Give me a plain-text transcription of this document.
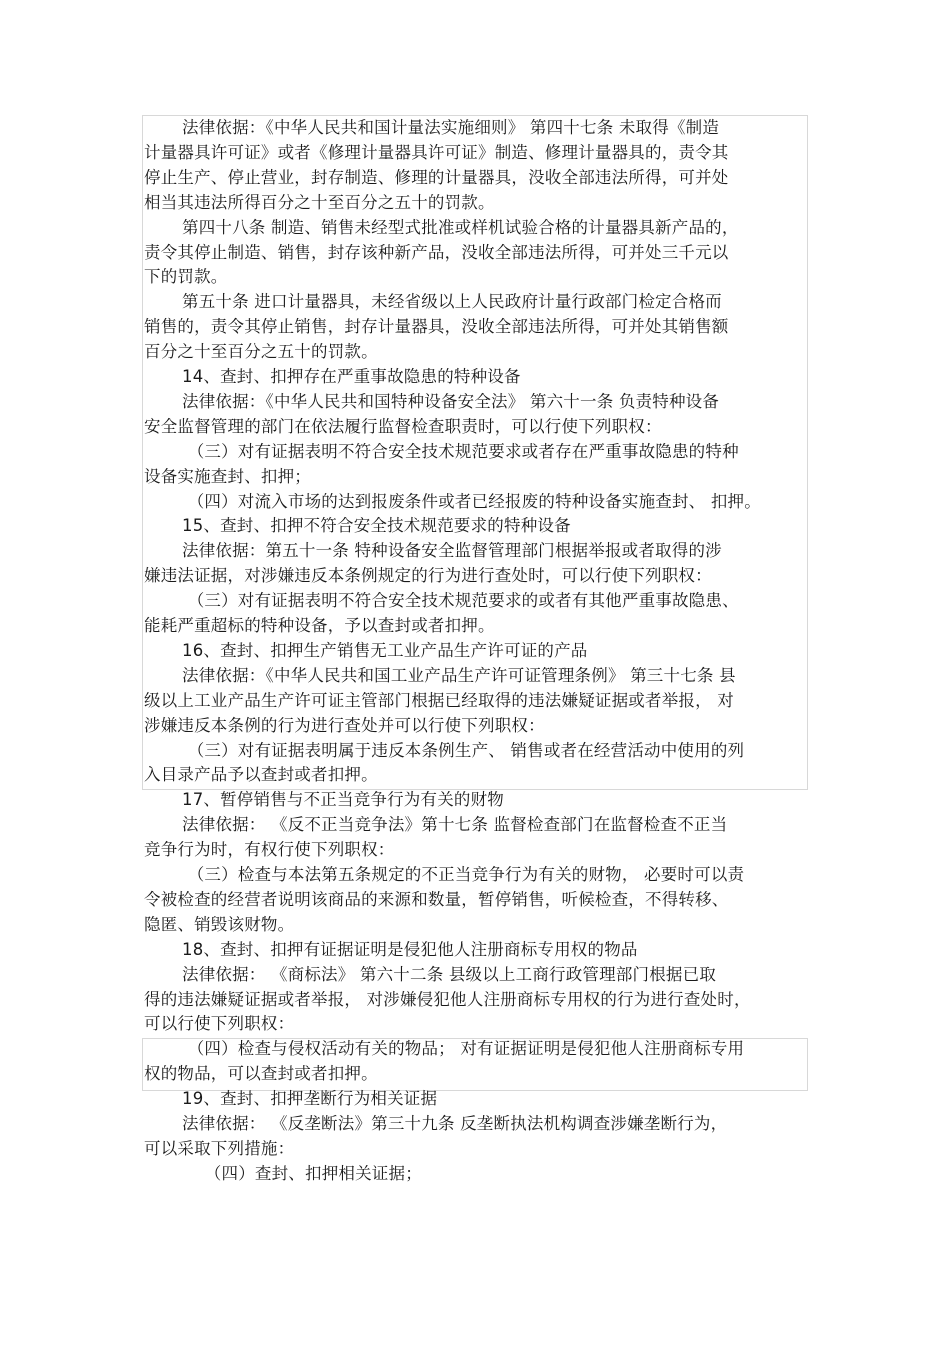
法律依据：《中华人民共和国计量法实施细则》 第四十七条 未取得《制造
计量器具许可证》或者《修理计量器具许可证》制造、修理计量器具的，责令其
停止生产、停止营业，封存制造、修理的计量器具，没收全部违法所得，可并处
相当其违法所得百分之十至百分之五十的罚款。
第四十八条 制造、销售未经型式批准或样机试验合格的计量器具新产品的，
责令其停止制造、销售，封存该种新产品，没收全部违法所得，可并处三千元以
下的罚款。
第五十条 进口计量器具，未经省级以上人民政府计量行政部门检定合格而
销售的，责令其停止销售，封存计量器具，没收全部违法所得，可并处其销售额
百分之十至百分之五十的罚款。
14、查封、扣押存在严重事故隐患的特种设备
法律依据：《中华人民共和国特种设备安全法》 第六十一条 负责特种设备
安全监督管理的部门在依法履行监督检查职责时，可以行使下列职权：
（三）对有证据表明不符合安全技术规范要求或者存在严重事故隐患的特种
设备实施查封、扣押；
（四）对流入市场的达到报废条件或者已经报废的特种设备实施查封、 扣押。
15、查封、扣押不符合安全技术规范要求的特种设备
法律依据：第五十一条 特种设备安全监督管理部门根据举报或者取得的涉
嫌违法证据，对涉嫌违反本条例规定的行为进行查处时，可以行使下列职权：
（三）对有证据表明不符合安全技术规范要求的或者有其他严重事故隐患、
能耗严重超标的特种设备，予以查封或者扣押。
16、查封、扣押生产销售无工业产品生产许可证的产品
法律依据：《中华人民共和国工业产品生产许可证管理条例》 第三十七条 县
级以上工业产品生产许可证主管部门根据已经取得的违法嫌疑证据或者举报， 对
涉嫌违反本条例的行为进行查处并可以行使下列职权：
（三）对有证据表明属于违反本条例生产、 销售或者在经营活动中使用的列
入目录产品予以查封或者扣押。
17、暂停销售与不正当竞争行为有关的财物
法律依据： 《反不正当竞争法》第十七条 监督检查部门在监督检查不正当
竞争行为时，有权行使下列职权：
（三）检查与本法第五条规定的不正当竞争行为有关的财物， 必要时可以责
令被检查的经营者说明该商品的来源和数量，暂停销售，听候检查，不得转移、
隐匿、销毁该财物。
18、查封、扣押有证据证明是侵犯他人注册商标专用权的物品
法律依据： 《商标法》 第六十二条 县级以上工商行政管理部门根据已取
得的违法嫌疑证据或者举报， 对涉嫌侵犯他人注册商标专用权的行为进行查处时，
可以行使下列职权：
（四）检查与侵权活动有关的物品； 对有证据证明是侵犯他人注册商标专用
权的物品，可以查封或者扣押。
19、查封、扣押垄断行为相关证据
法律依据： 《反垄断法》第三十九条 反垄断执法机构调查涉嫌垄断行为，
可以采取下列措施：
（四）查封、扣押相关证据；
